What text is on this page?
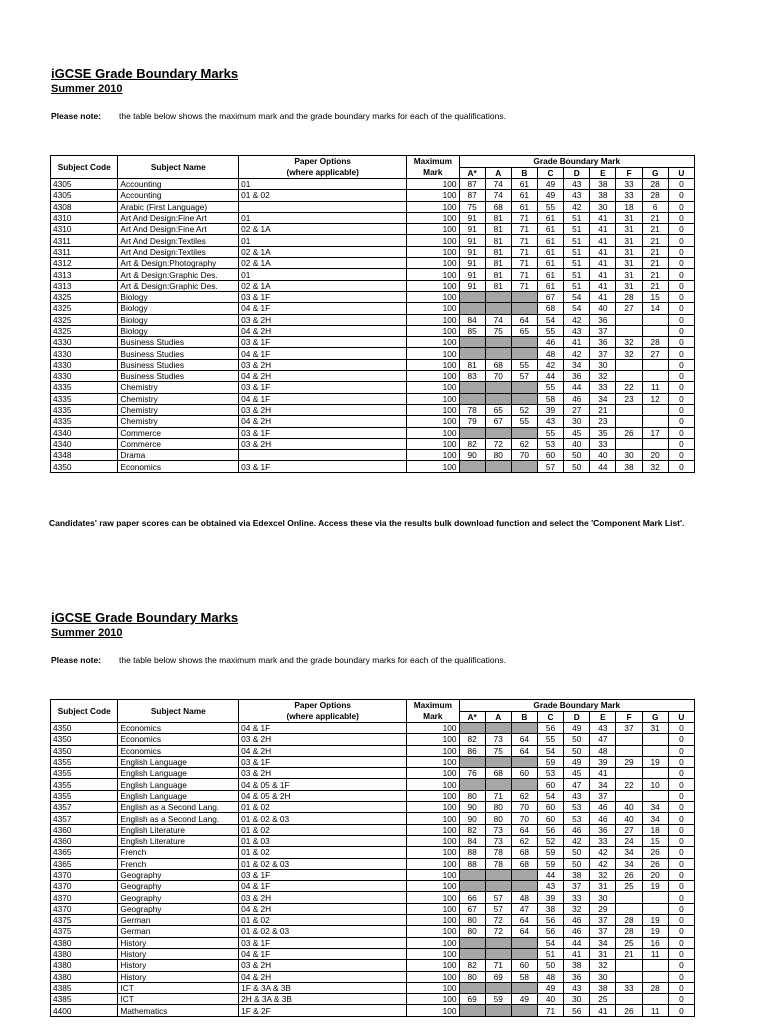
iGCSE Grade Boundary Marks
Summer 2010
Please note: the table below shows the maximum mark and the grade boundary marks for each of the qualifications.
Subject Code	Subject Name	Paper Options
(where applicable)	Maximum
Mark	Grade Boundary Mark								
				A*	A	B	C	D	E	F	G	U
4305	Accounting	01	100	87	74	61	49	43	38	33	28	0
4305	Accounting	01 & 02	100	87	74	61	49	43	38	33	28	0
4308	Arabic (First Language)		100	75	68	61	55	42	30	18	6	0
4310	Art And Design:Fine Art	01	100	91	81	71	61	51	41	31	21	0
4310	Art And Design:Fine Art	02 & 1A	100	91	81	71	61	51	41	31	21	0
4311	Art And Design:Textiles	01	100	91	81	71	61	51	41	31	21	0
4311	Art And Design:Textiles	02 & 1A	100	91	81	71	61	51	41	31	21	0
4312	Art & Design:Photography	02 & 1A	100	91	81	71	61	51	41	31	21	0
4313	Art & Design:Graphic Des.	01	100	91	81	71	61	51	41	31	21	0
4313	Art & Design:Graphic Des.	02 & 1A	100	91	81	71	61	51	41	31	21	0
4325	Biology	03 & 1F	100				67	54	41	28	15	0
4325	Biology	04 & 1F	100				68	54	40	27	14	0
4325	Biology	03 & 2H	100	84	74	64	54	42	36			0
4325	Biology	04 & 2H	100	85	75	65	55	43	37			0
4330	Business Studies	03 & 1F	100				46	41	36	32	28	0
4330	Business Studies	04 & 1F	100				48	42	37	32	27	0
4330	Business Studies	03 & 2H	100	81	68	55	42	34	30			0
4330	Business Studies	04 & 2H	100	83	70	57	44	36	32			0
4335	Chemistry	03 & 1F	100				55	44	33	22	11	0
4335	Chemistry	04 & 1F	100				58	46	34	23	12	0
4335	Chemistry	03 & 2H	100	78	65	52	39	27	21			0
4335	Chemistry	04 & 2H	100	79	67	55	43	30	23			0
4340	Commerce	03 & 1F	100				55	45	35	26	17	0
4340	Commerce	03 & 2H	100	82	72	62	53	40	33			0
4348	Drama		100	90	80	70	60	50	40	30	20	0
4350	Economics	03 & 1F	100				57	50	44	38	32	0
Candidates' raw paper scores can be obtained via Edexcel Online. Access these via the results bulk download function and select the 'Component Mark List'.
iGCSE Grade Boundary Marks
Summer 2010
Please note: the table below shows the maximum mark and the grade boundary marks for each of the qualifications.
Subject Code	Subject Name	Paper Options
(where applicable)	Maximum
Mark	Grade Boundary Mark								
				A*	A	B	C	D	E	F	G	U
4350	Economics	04 & 1F	100				56	49	43	37	31	0
4350	Economics	03 & 2H	100	82	73	64	55	50	47			0
4350	Economics	04 & 2H	100	86	75	64	54	50	48			0
4355	English Language	03 & 1F	100				59	49	39	29	19	0
4355	English Language	03 & 2H	100	76	68	60	53	45	41			0
4355	English Language	04 & 05 & 1F	100				60	47	34	22	10	0
4355	English Language	04 & 05 & 2H	100	80	71	62	54	43	37			0
4357	English as a Second Lang.	01 & 02	100	90	80	70	60	53	46	40	34	0
4357	English as a Second Lang.	01 & 02 & 03	100	90	80	70	60	53	46	40	34	0
4360	English Literature	01 & 02	100	82	73	64	56	46	36	27	18	0
4360	English Literature	01 & 03	100	84	73	62	52	42	33	24	15	0
4365	French	01 & 02	100	88	78	68	59	50	42	34	26	0
4365	French	01 & 02 & 03	100	88	78	68	59	50	42	34	26	0
4370	Geography	03 & 1F	100				44	38	32	26	20	0
4370	Geography	04 & 1F	100				43	37	31	25	19	0
4370	Geography	03 & 2H	100	66	57	48	39	33	30			0
4370	Geography	04 & 2H	100	67	57	47	38	32	29			0
4375	German	01 & 02	100	80	72	64	56	46	37	28	19	0
4375	German	01 & 02 & 03	100	80	72	64	56	46	37	28	19	0
4380	History	03 & 1F	100				54	44	34	25	16	0
4380	History	04 & 1F	100				51	41	31	21	11	0
4380	History	03 & 2H	100	82	71	60	50	38	32			0
4380	History	04 & 2H	100	80	69	58	48	36	30			0
4385	ICT	1F & 3A & 3B	100				49	43	38	33	28	0
4385	ICT	2H & 3A & 3B	100	69	59	49	40	30	25			0
4400	Mathematics	1F & 2F	100				71	56	41	26	11	0
